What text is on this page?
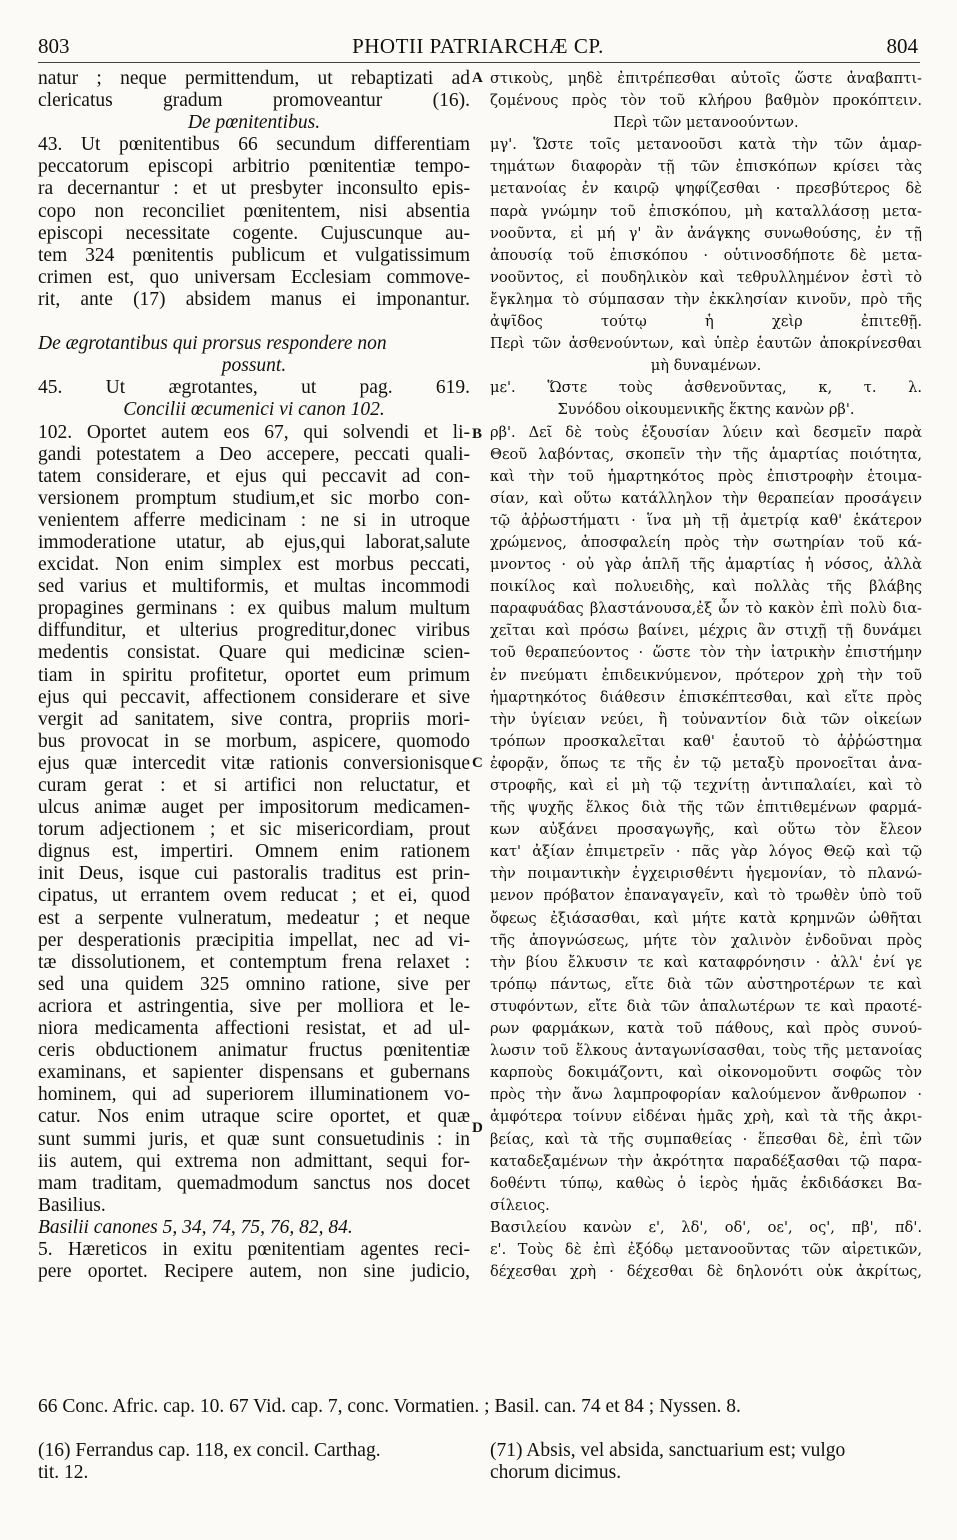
803	PHOTII PATRIARCHÆ CP.	804
natur ; neque permittendum, ut rebaptizati ad
clericatus gradum promoveantur (16).
De pœnitentibus.
43. Ut pœnitentibus 66 secundum differentiam
peccatorum episcopi arbitrio pœnitentiæ tempo-
ra decernantur : et ut presbyter inconsulto epis-
copo non reconciliet pœnitentem, nisi absentia
episcopi necessitate cogente. Cujuscunque au-
tem 324 pœnitentis publicum et vulgatissimum
crimen est, quo universam Ecclesiam commove-
rit, ante (17) absidem manus ei imponantur.
De ægrotantibus qui prorsus respondere non
possunt.
45. Ut ægrotantes, ut pag. 619.
Concilii œcumenici vi canon 102.
102. Oportet autem eos 67, qui solvendi et li-
gandi potestatem a Deo accepere, peccati quali-
tatem considerare, et ejus qui peccavit ad con-
versionem promptum studium,et sic morbo con-
venientem afferre medicinam : ne si in utroque
immoderatione utatur, ab ejus,qui laborat,salute
excidat. Non enim simplex est morbus peccati,
sed varius et multiformis, et multas incommodi
propagines germinans : ex quibus malum multum
diffunditur, et ulterius progreditur,donec viribus
medentis consistat. Quare qui medicinæ scien-
tiam in spiritu profitetur, oportet eum primum
ejus qui peccavit, affectionem considerare et sive
vergit ad sanitatem, sive contra, propriis mori-
bus provocat in se morbum, aspicere, quomodo
ejus quæ intercedit vitæ rationis conversionisque
curam gerat : et si artifici non reluctatur, et
ulcus animæ auget per impositorum medicamen-
torum adjectionem ; et sic misericordiam, prout
dignus est, impertiri. Omnem enim rationem
init Deus, isque cui pastoralis traditus est prin-
cipatus, ut errantem ovem reducat ; et ei, quod
est a serpente vulneratum, medeatur ; et neque
per desperationis præcipitia impellat, nec ad vi-
tæ dissolutionem, et contemptum frena relaxet :
sed una quidem 325 omnino ratione, sive per
acriora et astringentia, sive per molliora et le-
niora medicamenta affectioni resistat, et ad ul-
ceris obductionem animatur fructus pœnitentiæ
examinans, et sapienter dispensans et gubernans
hominem, qui ad superiorem illuminationem vo-
catur. Nos enim utraque scire oportet, et quæ
sunt summi juris, et quæ sunt consuetudinis : in
iis autem, qui extrema non admittant, sequi for-
mam traditam, quemadmodum sanctus nos docet
Basilius.
Basilii canones 5, 34, 74, 75, 76, 82, 84.
5. Hæreticos in exitu pœnitentiam agentes reci-
pere oportet. Recipere autem, non sine judicio,
στικοὺς, μηδὲ ἐπιτρέπεσθαι αὐτοῖς ὥστε ἀναβαπτι-
ζομένους πρὸς τὸν τοῦ κλήρου βαθμὸν προκόπτειν.
Περὶ τῶν μετανοούντων.
μγ'. Ὥστε τοῖς μετανοοῦσι κατὰ τὴν τῶν ἁμαρ-
τημάτων διαφορὰν τῇ τῶν ἐπισκόπων κρίσει τὰς
μετανοίας ἐν καιρῷ ψηφίζεσθαι · πρεσβύτερος δὲ
παρὰ γνώμην τοῦ ἐπισκόπου, μὴ καταλλάσσῃ μετα-
νοοῦντα, εἰ μή γ' ἂν ἀνάγκης συνωθούσης, ἐν τῇ
ἀπουσίᾳ τοῦ ἐπισκόπου · οὑτινοσδήποτε δὲ μετα-
νοοῦντος, εἰ πουδηλικὸν καὶ τεθρυλλημένον ἐστὶ τὸ
ἔγκλημα τὸ σύμπασαν τὴν ἐκκλησίαν κινοῦν, πρὸ τῆς
ἀψῖδος τούτῳ ἡ χεὶρ ἐπιτεθῇ.
Περὶ τῶν ἀσθενούντων, καὶ ὑπὲρ ἑαυτῶν ἀποκρίνεσθαι
μὴ δυναμένων.
με'. Ὥστε τοὺς ἀσθενοῦντας, κ, τ. λ.
Συνόδου οἰκουμενικῆς ἕκτης κανὼν ρβ'.
ρβ'. Δεῖ δὲ τοὺς ἐξουσίαν λύειν καὶ δεσμεῖν παρὰ
Θεοῦ λαβόντας, σκοπεῖν τὴν τῆς ἁμαρτίας ποιότητα,
καὶ τὴν τοῦ ἡμαρτηκότος πρὸς ἐπιστροφὴν ἑτοιμα-
σίαν, καὶ οὕτω κατάλληλον τὴν θεραπείαν προσάγειν
τῷ ἀῤῥωστήματι · ἵνα μὴ τῇ ἀμετρίᾳ καθ' ἑκάτερον
χρώμενος, ἀποσφαλείη πρὸς τὴν σωτηρίαν τοῦ κά-
μνοντος · οὐ γὰρ ἁπλῆ τῆς ἁμαρτίας ἡ νόσος, ἀλλὰ
ποικίλος καὶ πολυειδὴς, καὶ πολλὰς τῆς βλάβης
παραφυάδας βλαστάνουσα,ἐξ ὧν τὸ κακὸν ἐπὶ πολὺ δια-
χεῖται καὶ πρόσω βαίνει, μέχρις ἂν στιχῇ τῇ δυνάμει
τοῦ θεραπεύοντος · ὥστε τὸν τὴν ἰατρικὴν ἐπιστήμην
ἐν πνεύματι ἐπιδεικνύμενον, πρότερον χρὴ τὴν τοῦ
ἡμαρτηκότος διάθεσιν ἐπισκέπτεσθαι, καὶ εἴτε πρὸς
τὴν ὑγίειαν νεύει, ἢ τοὐναντίον διὰ τῶν οἰκείων
τρόπων προσκαλεῖται καθ' ἑαυτοῦ τὸ ἀῤῥώστημα
ἐφορᾷν, ὅπως τε τῆς ἐν τῷ μεταξὺ προνοεῖται ἀνα-
στροφῆς, καὶ εἰ μὴ τῷ τεχνίτῃ ἀντιπαλαίει, καὶ τὸ
τῆς ψυχῆς ἕλκος διὰ τῆς τῶν ἐπιτιθεμένων φαρμά-
κων αὐξάνει προσαγωγῆς, καὶ οὕτω τὸν ἔλεον
κατ' ἀξίαν ἐπιμετρεῖν · πᾶς γὰρ λόγος Θεῷ καὶ τῷ
τὴν ποιμαντικὴν ἐγχειρισθέντι ἡγεμονίαν, τὸ πλανώ-
μενον πρόβατον ἐπαναγαγεῖν, καὶ τὸ τρωθὲν ὑπὸ τοῦ
ὄφεως ἐξιάσασθαι, καὶ μήτε κατὰ κρημνῶν ὠθῆται
τῆς ἀπογνώσεως, μήτε τὸν χαλινὸν ἐνδοῦναι πρὸς
τὴν βίου ἔλκυσιν τε καὶ καταφρόνησιν · ἀλλ' ἐνί γε
τρόπῳ πάντως, εἴτε διὰ τῶν αὐστηροτέρων τε καὶ
στυφόντων, εἴτε διὰ τῶν ἁπαλωτέρων τε καὶ πραοτέ-
ρων φαρμάκων, κατὰ τοῦ πάθους, καὶ πρὸς συνού-
λωσιν τοῦ ἕλκους ἀνταγωνίσασθαι, τοὺς τῆς μετανοίας
καρποὺς δοκιμάζοντι, καὶ οἰκονομοῦντι σοφῶς τὸν
πρὸς τὴν ἄνω λαμπροφορίαν καλούμενον ἄνθρωπον ·
ἀμφότερα τοίνυν εἰδέναι ἡμᾶς χρὴ, καὶ τὰ τῆς ἀκρι-
βείας, καὶ τὰ τῆς συμπαθείας · ἕπεσθαι δὲ, ἐπὶ τῶν
καταδεξαμένων τὴν ἀκρότητα παραδέξασθαι τῷ παρα-
δοθέντι τύπῳ, καθὼς ὁ ἱερὸς ἡμᾶς ἐκδιδάσκει Βα-
σίλειος.
Βασιλείου κανὼν ε', λδ', οδ', οε', ος', πβ', πδ'.
ε'. Τοὺς δὲ ἐπὶ ἐξόδῳ μετανοοῦντας τῶν αἱρετικῶν,
δέχεσθαι χρὴ · δέχεσθαι δὲ δηλονότι οὐκ ἀκρίτως,
A
B
C
D
66 Conc. Afric. cap. 10. 67 Vid. cap. 7, conc. Vormatien. ; Basil. can. 74 et 84 ; Nyssen. 8.
(16) Ferrandus cap. 118, ex concil. Carthag.
tit. 12.
(71) Absis, vel absida, sanctuarium est; vulgo
chorum dicimus.
